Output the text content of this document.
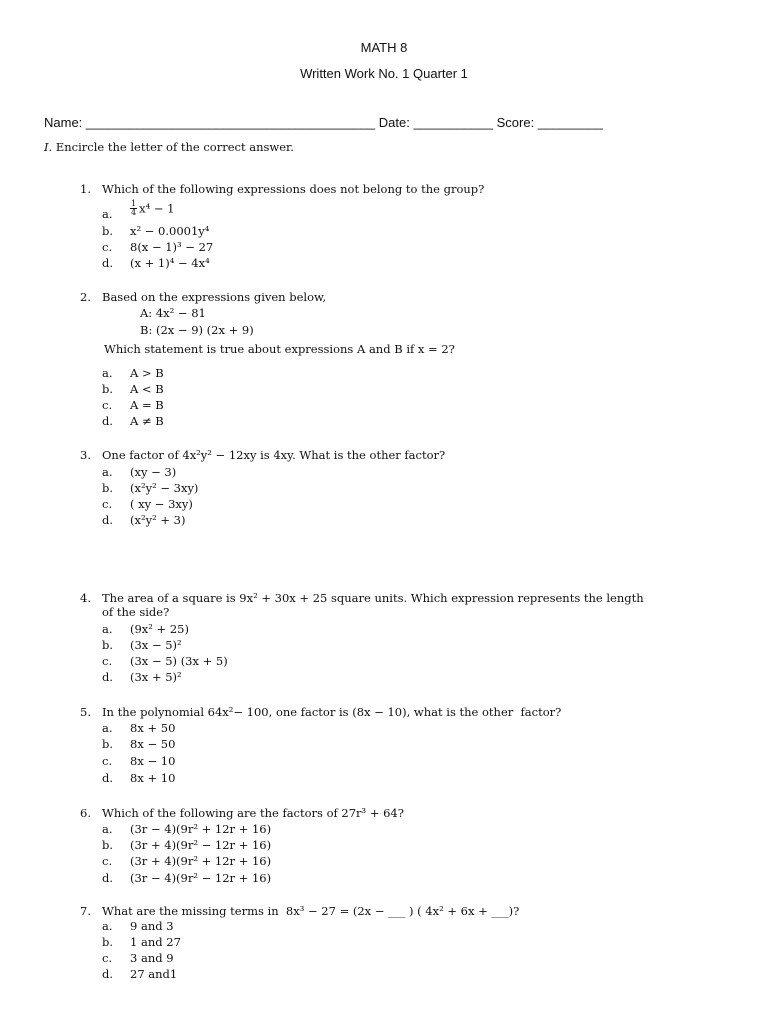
MATH 8
Written Work No. 1 Quarter 1
Name: ________________________________________ Date: ___________ Score: _________
I. Encircle the letter of the correct answer.
1. Which of the following expressions does not belong to the group?
a. $\frac{1}{4} x^4 - 1$
b. x² − 0.0001y⁴
c. 8(x − 1)³ − 27
d. (x + 1)⁴ − 4x⁴
2. Based on the expressions given below,
A: 4x² − 81
B: (2x − 9) (2x + 9)
Which statement is true about expressions A and B if x = 2?
a. A > B
b. A < B
c. A = B
d. A ≠ B
3. One factor of 4x²y² − 12xy is 4xy. What is the other factor?
a. (xy − 3)
b. (x²y² − 3xy)
c. ( xy − 3xy)
d. (x²y² + 3)
4. The area of a square is 9x² + 30x + 25 square units. Which expression represents the length
of the side?
a. (9x² + 25)
b. (3x − 5)²
c. (3x − 5) (3x + 5)
d. (3x + 5)²
5. In the polynomial 64x²− 100, one factor is (8x − 10), what is the other  factor?
a. 8x + 50
b. 8x − 50
c. 8x − 10
d. 8x + 10
6. Which of the following are the factors of 27r³ + 64?
a. (3r − 4)(9r² + 12r + 16)
b. (3r + 4)(9r² − 12r + 16)
c. (3r + 4)(9r² + 12r + 16)
d. (3r − 4)(9r² − 12r + 16)
7. What are the missing terms in  8x³ − 27 = (2x − ___ ) ( 4x² + 6x + ___)?
a. 9 and 3
b. 1 and 27
c. 3 and 9
d. 27 and1
